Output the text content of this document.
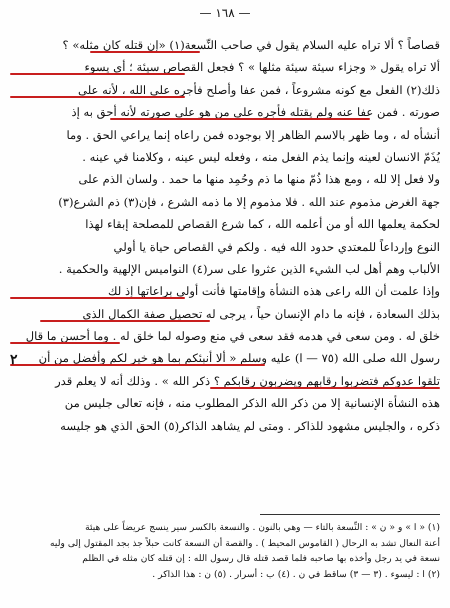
— ١٦٨ —
قصاصاً ؟ ألا تراه عليه السلام يقول في صاحب النِّسعة(١) «إن قتله كان مثله» ؟
ألا تراه يقول « وجزاء سيئة سيئة مثلها » ؟ فجعل القصاص سيئة ؛ أي يسوء
ذلك(٢) الفعل مع كونه مشروعاً ، فمن عفا وأصلح فأجره على الله ، لأنه على
صورته . فمن عفا عنه ولم يقتله فأجره على من هو على صورته لأنه أحق به إذ
أنشأه له ، وما ظهر بالاسم الظاهر إلا بوجوده فمن راعاه إنما يراعي الحق . وما
يُذَمّ الانسان لعينه وإنما يذم الفعل منه ، وفعله ليس عينه ، وكلامنا في عينه .
ولا فعل إلا لله ، ومع هذا ذُمّ منها ما ذم وحُمِد منها ما حمد . ولسان الذم على
جهة الغرض مذموم عند الله . فلا مذموم إلا ما ذمه الشرع ، فإن(٣) ذم الشرع(٣)
لحكمة يعلمها الله أو من أعلمه الله ، كما شرع القصاص للمصلحة إبقاء لهذا
النوع وإرداعاً للمعتدي حدود الله فيه . ولكم في القصاص حياة يا أولي
الألباب وهم أهل لب الشيء الذين عثروا على سر(٤) النواميس الإلهية والحكمية .
وإذا علمت أن الله راعى هذه النشأة وإقامتها فأنت أولى براعاتها إذ لك
بذلك السعادة ، فإنه ما دام الإنسان حياً ، يرجى له تحصيل صفة الكمال الذي
خلق له . ومن سعى في هدمه فقد سعى في منع وصوله لما خلق له . وما أحسن ما قال
رسول الله صلى الله (٧٥ — ا) عليه وسلم « ألا أنبئكم بما هو خير لكم وأفضل من أن
تلقوا عدوكم فتضربوا رقابهم ويضربون رقابكم ؟ ذكر الله » . وذلك أنه لا يعلم قدر
هذه النشأة الإنسانية إلا من ذكر الله الذكر المطلوب منه ، فإنه تعالى جليس من
ذكره ، والجليس مشهود للذاكر . ومتى لم يشاهد الذاكر(٥) الحق الذي هو جليسه
٢
(١) « ا » و « ن » : النِّسعة بالتاء — وهي بالنون . والنسعة بالكسر سير ينسج عريضاً على هيئة
أعنة النعال تشد به الرحال ( القاموس المحيط ) . والقصة أن النسعة كانت حبلاً جذ بجد المقتول إلى وليه
نسعة في يد رجل وأخذه بها صاحبه فلما قصد قتله قال رسول الله : إن قتله كان مثله في الظلم
(٢) ا : ليسوء . (٣ — ٣) ساقط في ن . (٤) ب : أسرار . (٥) ن : هذا الذاكر .
